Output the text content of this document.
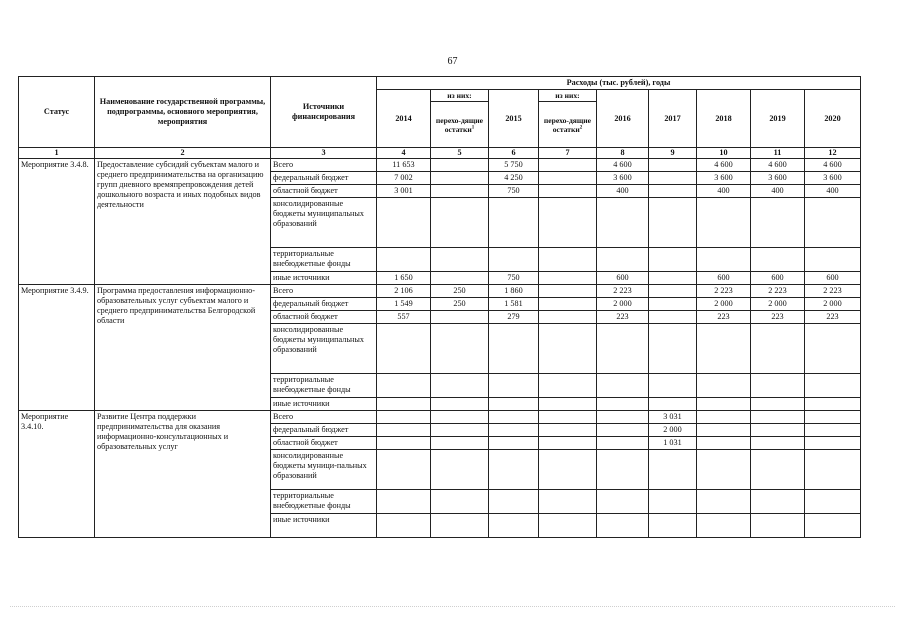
67
Статус	Наименование государственной программы, подпрограммы, основного мероприятия, мероприятия	Источники финансирования	Расходы (тыс. рублей), годы								
			2014	из них:	2015	из них:	2016	2017	2018	2019	2020
				перехо-дящие остатки$^1$		перехо-дящие остатки$^2$
1	2	3	4	5	6	7	8	9	10	11	12
Мероприятие 3.4.8.	Предоставление субсидий субъектам малого и среднего предпринимательства на организацию групп дневного времяпрепровождения детей дошкольного возраста и иных подобных видов деятельности	Всего	11 653		5 750		4 600		4 600	4 600	4 600
		федеральный бюджет	7 002		4 250		3 600		3 600	3 600	3 600
		областной бюджет	3 001		750		400		400	400	400
		консолидированные бюджеты муниципальных образований									
		территориальные внебюджетные фонды									
		иные источники	1 650		750		600		600	600	600
Мероприятие 3.4.9.	Программа предоставления информационно-образовательных услуг субъектам малого и среднего предпринимательства Белгородской области	Всего	2 106	250	1 860		2 223		2 223	2 223	2 223
		федеральный бюджет	1 549	250	1 581		2 000		2 000	2 000	2 000
		областной бюджет	557		279		223		223	223	223
		консолидированные бюджеты муниципальных образований									
		территориальные внебюджетные фонды									
		иные источники									
Мероприятие 3.4.10.	Развитие Центра поддержки предпринимательства для оказания информационно-консультационных и образовательных услуг	Всего						3 031			
		федеральный бюджет						2 000			
		областной бюджет						1 031			
		консолидированные бюджеты муници-пальных образований									
		территориальные внебюджетные фонды									
		иные источники									
